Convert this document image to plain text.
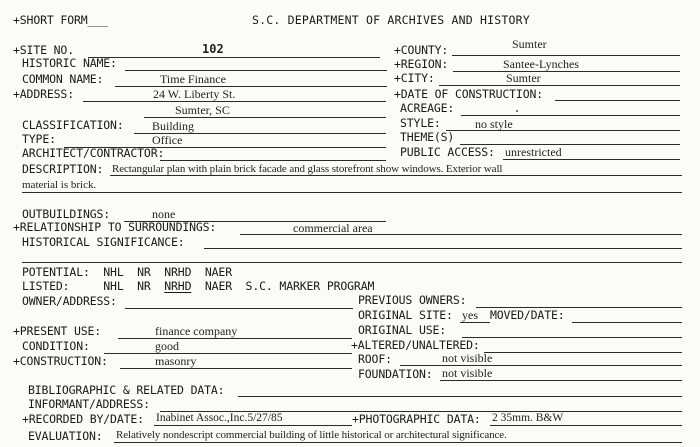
+SHORT FORM___	S.C. DEPARTMENT OF ARCHIVES AND HISTORY
+SITE NO.	102	+COUNTY:	Sumter
HISTORIC NAME:	+REGION:	Santee-Lynches
COMMON NAME:	Time Finance	+CITY:	Sumter
+ADDRESS:	24 W. Liberty St.	+DATE OF CONSTRUCTION:
Sumter, SC	ACREAGE:
CLASSIFICATION: Building	STYLE:	no style
TYPE:	Office	THEME(S)
ARCHITECT/CONTRACTOR:	PUBLIC ACCESS: unrestricted
DESCRIPTION: Rectangular plan with plain brick facade and glass storefront show windows. Exterior wall
material is brick.
OUTBUILDINGS:	none
+RELATIONSHIP TO SURROUNDINGS:	commercial area
HISTORICAL SIGNIFICANCE:
POTENTIAL:  NHL  NR  NRHD  NAER
LISTED:     NHL  NR  NRHD  NAER  S.C. MARKER PROGRAM
OWNER/ADDRESS:	PREVIOUS OWNERS:
ORIGINAL SITE: yes MOVED/DATE:
+PRESENT USE:	finance company	ORIGINAL USE:
CONDITION:	good	+ALTERED/UNALTERED:
+CONSTRUCTION:	masonry	ROOF:	not visible
FOUNDATION: not visible
BIBLIOGRAPHIC & RELATED DATA:
INFORMANT/ADDRESS:
+RECORDED BY/DATE: Inabinet Assoc.,Inc.5/27/85	+PHOTOGRAPHIC DATA: 2 35mm. B&W
EVALUATION: Relatively nondescript commercial building of little historical or architectural significance.
